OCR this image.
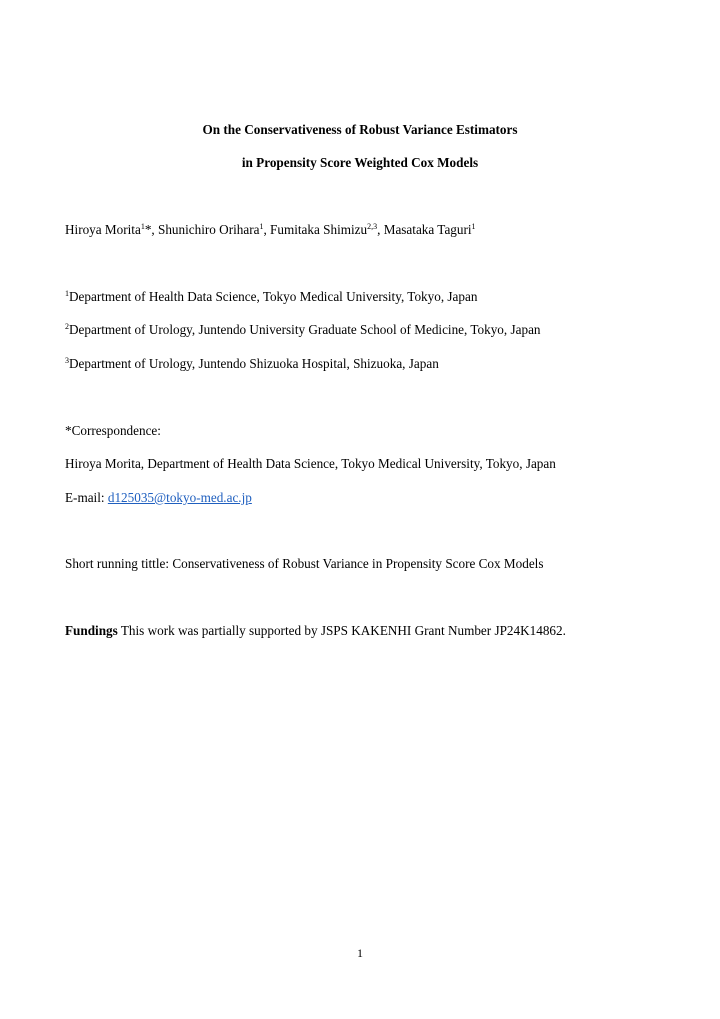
On the Conservativeness of Robust Variance Estimators
in Propensity Score Weighted Cox Models
Hiroya Morita$^1$*, Shunichiro Orihara$^1$, Fumitaka Shimizu$^{2,3}$, Masataka Taguri$^1$
$^1$Department of Health Data Science, Tokyo Medical University, Tokyo, Japan
$^2$Department of Urology, Juntendo University Graduate School of Medicine, Tokyo, Japan
$^3$Department of Urology, Juntendo Shizuoka Hospital, Shizuoka, Japan
*Correspondence:
Hiroya Morita, Department of Health Data Science, Tokyo Medical University, Tokyo, Japan
E-mail: d125035@tokyo-med.ac.jp
Short running tittle: Conservativeness of Robust Variance in Propensity Score Cox Models
Fundings This work was partially supported by JSPS KAKENHI Grant Number JP24K14862.
1
